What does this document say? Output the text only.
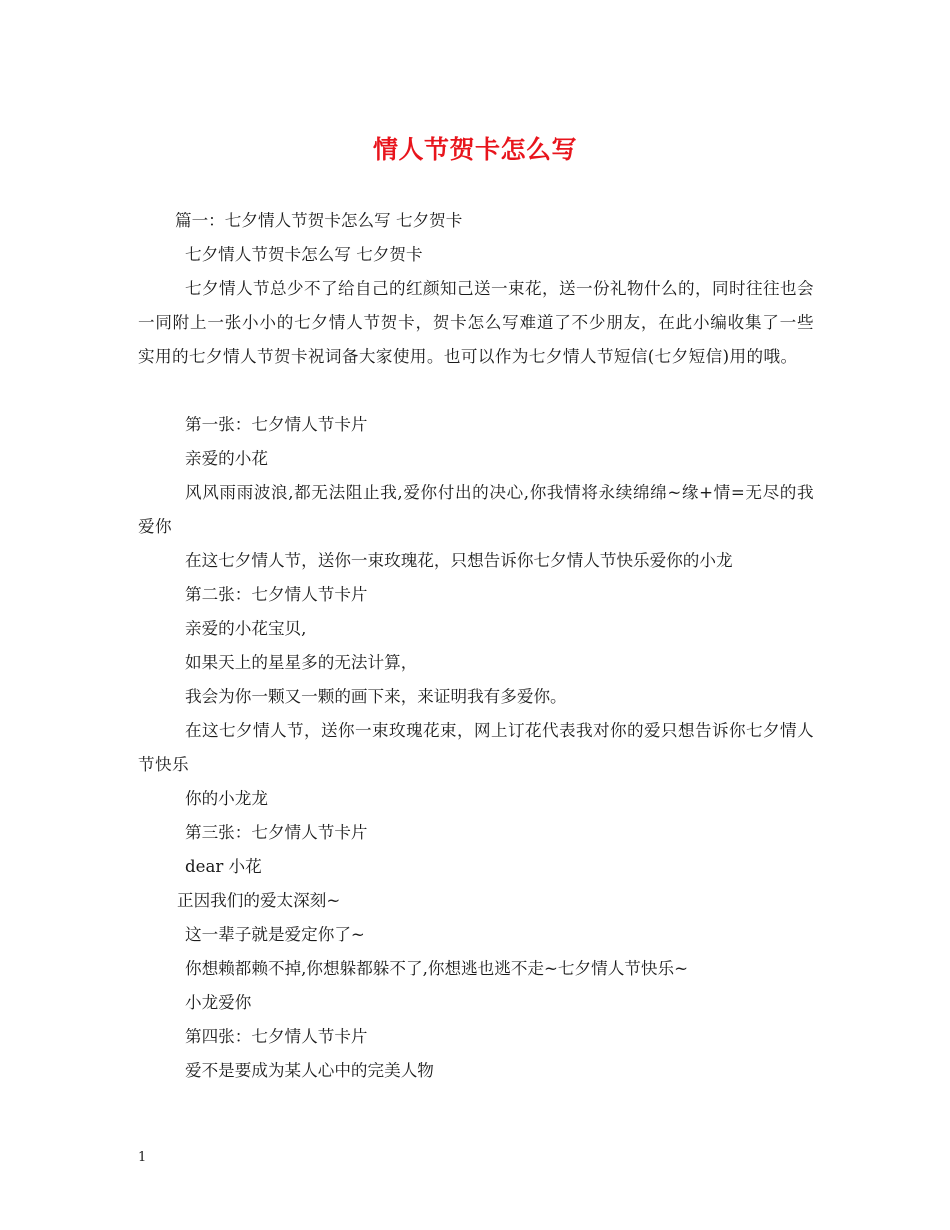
情人节贺卡怎么写
篇一：七夕情人节贺卡怎么写 七夕贺卡
七夕情人节贺卡怎么写 七夕贺卡
七夕情人节总少不了给自己的红颜知己送一束花，送一份礼物什么的，同时往往也会一同附上一张小小的七夕情人节贺卡，贺卡怎么写难道了不少朋友，在此小编收集了一些实用的七夕情人节贺卡祝词备大家使用。也可以作为七夕情人节短信(七夕短信)用的哦。
第一张：七夕情人节卡片
亲爱的小花
风风雨雨波浪,都无法阻止我,爱你付出的决心,你我情将永续绵绵~缘+情=无尽的我爱你
在这七夕情人节，送你一束玫瑰花，只想告诉你七夕情人节快乐爱你的小龙
第二张：七夕情人节卡片
亲爱的小花宝贝,
如果天上的星星多的无法计算，
我会为你一颗又一颗的画下来，来证明我有多爱你。
在这七夕情人节，送你一束玫瑰花束，网上订花代表我对你的爱只想告诉你七夕情人节快乐
你的小龙龙
第三张：七夕情人节卡片
dear 小花
正因我们的爱太深刻~
这一辈子就是爱定你了~
你想赖都赖不掉,你想躲都躲不了,你想逃也逃不走~七夕情人节快乐~
小龙爱你
第四张：七夕情人节卡片
爱不是要成为某人心中的完美人物
1
